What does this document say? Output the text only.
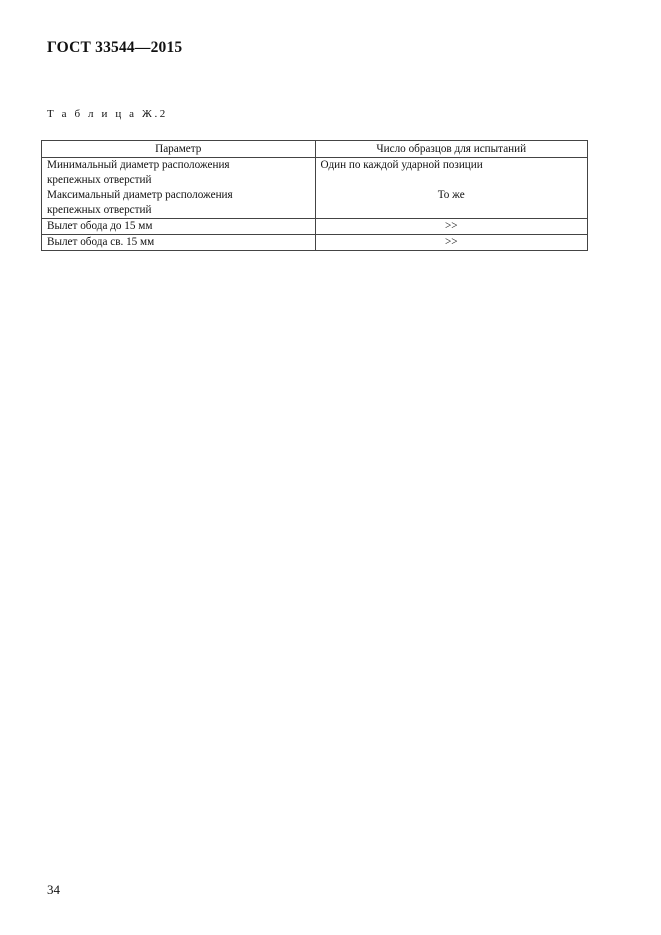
ГОСТ 33544—2015
Т а б л и ц а Ж.2
Параметр	Число образцов для испытаний

Минимальный диаметр расположения
крепежных отверстий	Один по каждой ударной позиции

Максимальный диаметр расположения
крепежных отверстий	То же

Вылет обода до 15 мм	>>
Вылет обода св. 15 мм	>>
34
